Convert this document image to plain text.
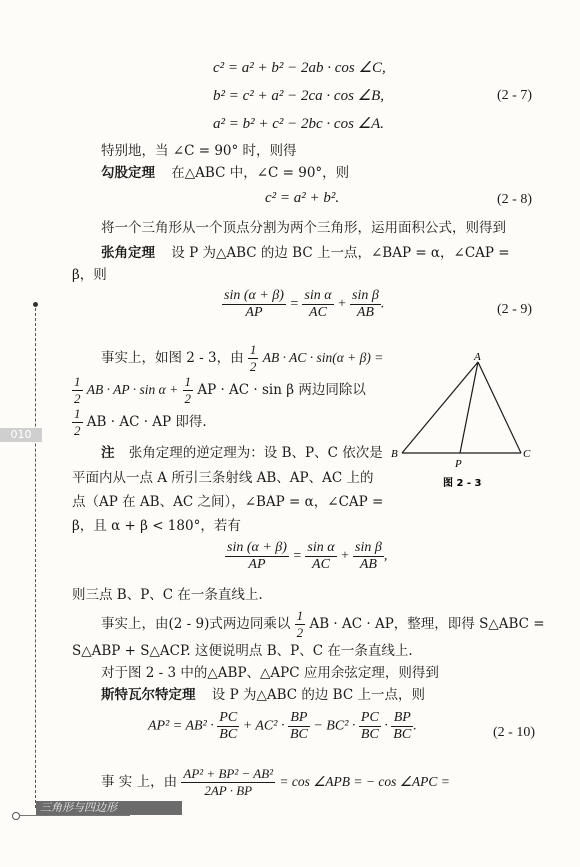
c² = a² + b² − 2ab · cos ∠C,
b² = c² + a² − 2ca · cos ∠B,	(2 - 7)
a² = b² + c² − 2bc · cos ∠A.
特别地，当 ∠C = 90° 时，则得
勾股定理 在△ABC 中，∠C = 90°，则
c² = a² + b².	(2 - 8)
将一个三角形从一个顶点分割为两个三角形，运用面积公式，则得到
张角定理 设 P 为△ABC 的边 BC 上一点，∠BAP = α，∠CAP =
β，则
$\frac{\sin (\alpha + \beta)}{AP} = \frac{\text{sin α}}{AC} + \frac{\text{sin β}}{AB}$ .	(2 - 9)
事实上，如图 2 - 3，由 $\frac{1}{2}$ AB · AC · sin(α + β) =
$\frac{1}{2}$ AB · AP · $\sin \alpha + \frac{1}{2}$ AP · AC · sin β 两边同除以
$\frac{1}{2}$ AB · AC · AP 即得.
注 张角定理的逆定理为：设 B、P、C 依次是
平面内从一点 A 所引三条射线 AB、AP、AC 上的
点（AP 在 AB、AC 之间），∠BAP = α，∠CAP =
β，且 α + β < 180°，若有
$\frac{\sin (\alpha + \beta)}{AP} = \frac{\text{sin α}}{AC} + \frac{\text{sin β}}{AB}$ ,
则三点 B、P、C 在一条直线上.
事实上，由(2 - 9)式两边同乘以 $\frac{1}{2}$ AB · AC · AP，整理，即得 S△ABC =
S△ABP + S△ACP. 这便说明点 B、P、C 在一条直线上.
对于图 2 - 3 中的△ABP、△APC 应用余弦定理，则得到
斯特瓦尔特定理 设 P 为△ABC 的边 BC 上一点，则
$AP^2 = AB^2 \cdot \frac{PC}{BC} + AC^2 \cdot \frac{BP}{BC} - BC^2 \cdot \frac{PC}{BC} \cdot \frac{BP}{BC}$ .	(2 - 10)
事 实 上，由 $\frac{\text{AP² + BP² − AB²}}{2AP \cdot BP} = \cos$ ∠APB = − cos ∠APC =
A
B	C
P
图 2 - 3
010
三角形与四边形
